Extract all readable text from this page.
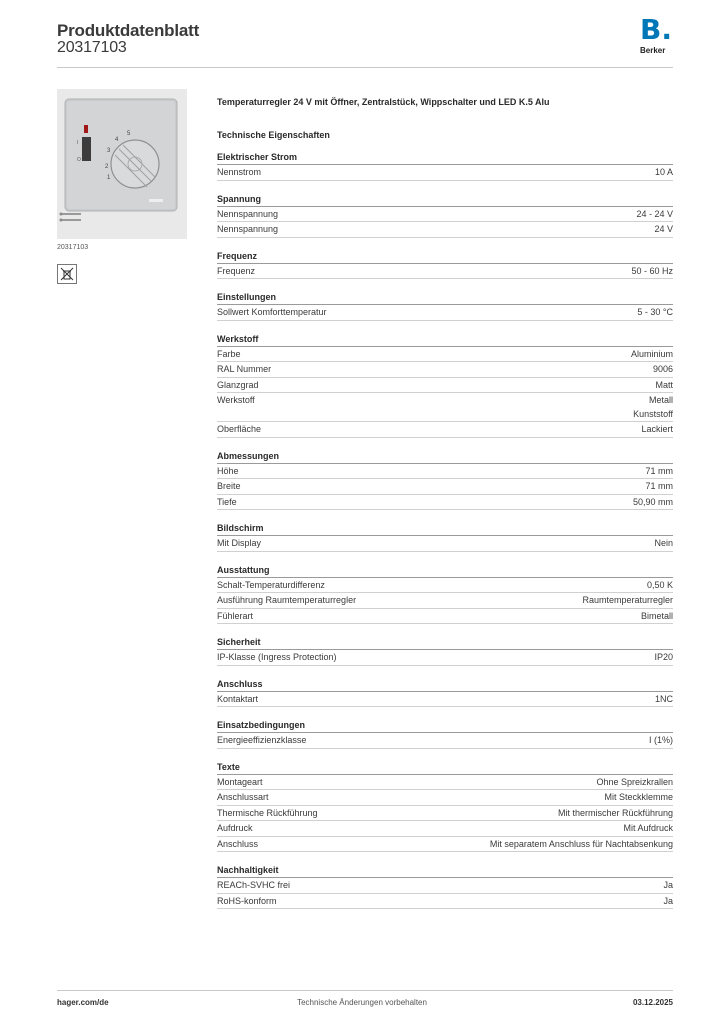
Produktdatenblatt
20317103
B.
Berker
I
O
5
4
3
2
1
20317103
Temperaturregler 24 V mit Öffner, Zentralstück, Wippschalter und LED K.5 Alu
Technische Eigenschaften
Elektrischer Strom
Nennstrom	10 A
Spannung
Nennspannung	24 - 24 V
Nennspannung	24 V
Frequenz
Frequenz	50 - 60 Hz
Einstellungen
Sollwert Komforttemperatur	5 - 30 °C
Werkstoff
Farbe	Aluminium
RAL Nummer	9006
Glanzgrad	Matt
Werkstoff	Metall
Kunststoff
Oberfläche	Lackiert
Abmessungen
Höhe	71 mm
Breite	71 mm
Tiefe	50,90 mm
Bildschirm
Mit Display	Nein
Ausstattung
Schalt-Temperaturdifferenz	0,50 K
Ausführung Raumtemperaturregler	Raumtemperaturregler
Fühlerart	Bimetall
Sicherheit
IP-Klasse (Ingress Protection)	IP20
Anschluss
Kontaktart	1NC
Einsatzbedingungen
Energieeffizienzklasse	I (1%)
Texte
Montageart	Ohne Spreizkrallen
Anschlussart	Mit Steckklemme
Thermische Rückführung	Mit thermischer Rückführung
Aufdruck	Mit Aufdruck
Anschluss	Mit separatem Anschluss für Nachtabsenkung
Nachhaltigkeit
REACh-SVHC frei	Ja
RoHS-konform	Ja
hager.com/de	Technische Änderungen vorbehalten	03.12.2025
